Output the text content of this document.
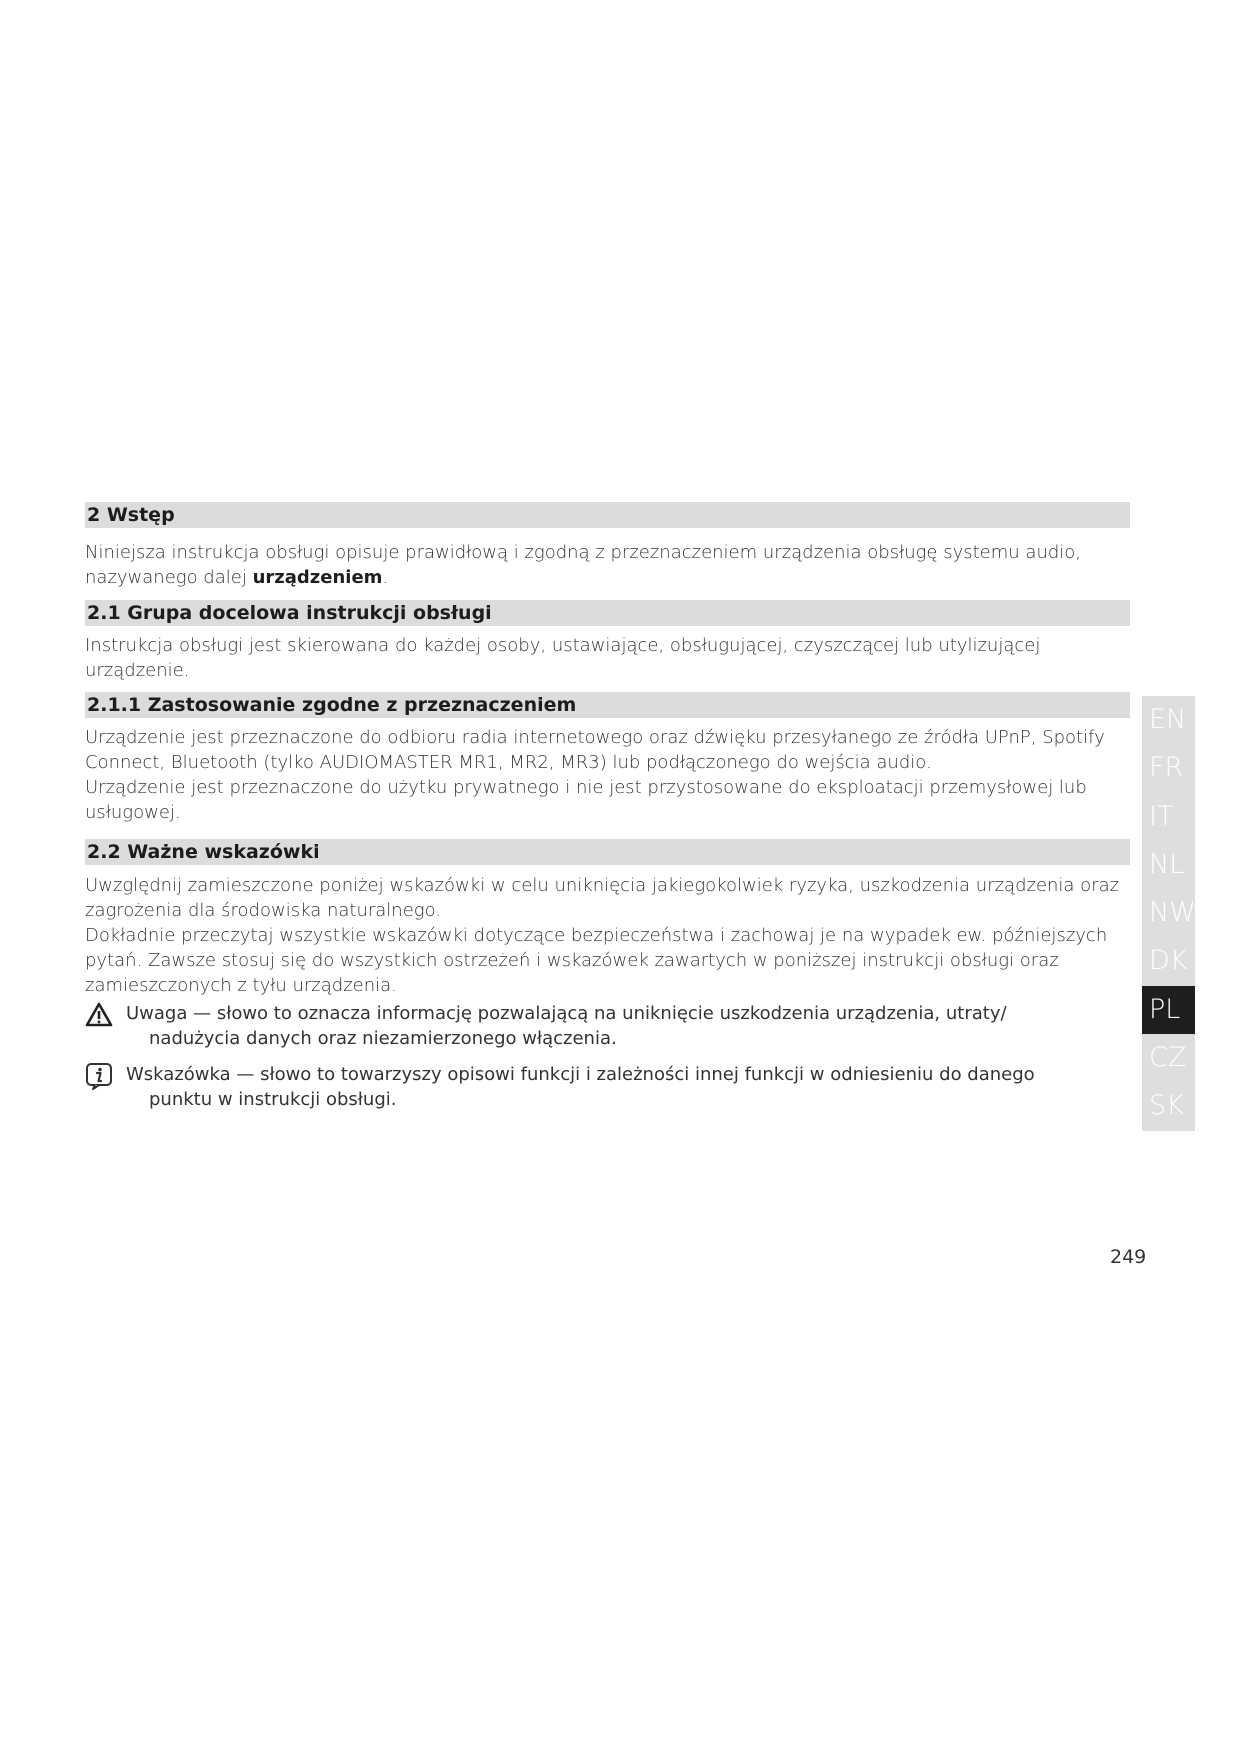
2 Wstęp

Niniejsza instrukcja obsługi opisuje prawidłową i zgodną z przeznaczeniem urządzenia obsługę systemu audio, nazywanego dalej urządzeniem.

2.1 Grupa docelowa instrukcji obsługi

Instrukcja obsługi jest skierowana do każdej osoby, ustawiające, obsługującej, czyszczącej lub utylizującej urządzenie.

2.1.1 Zastosowanie zgodne z przeznaczeniem

Urządzenie jest przeznaczone do odbioru radia internetowego oraz dźwięku przesyłanego ze źródła UPnP, Spotify Connect, Bluetooth (tylko AUDIOMASTER MR1, MR2, MR3) lub podłączonego do wejścia audio.

Urządzenie jest przeznaczone do użytku prywatnego i nie jest przystosowane do eksploatacji przemysłowej lub usługowej.

2.2 Ważne wskazówki

Uwzględnij zamieszczone poniżej wskazówki w celu uniknięcia jakiegokolwiek ryzyka, uszkodzenia urządzenia oraz zagrożenia dla środowiska naturalnego.

Dokładnie przeczytaj wszystkie wskazówki dotyczące bezpieczeństwa i zachowaj je na wypadek ew. późniejszych pytań. Zawsze stosuj się do wszystkich ostrzeżeń i wskazówek zawartych w poniższej instrukcji obsługi oraz zamieszczonych z tyłu urządzenia.

Uwaga — słowo to oznacza informację pozwalającą na uniknięcie uszkodzenia urządzenia, utraty/
nadużycia danych oraz niezamierzonego włączenia.
Wskazówka — słowo to towarzyszy opisowi funkcji i zależności innej funkcji w odniesieniu do danego
punktu w instrukcji obsługi.
EN
FR
IT
NL
NW
DK
PL
CZ
SK
249
